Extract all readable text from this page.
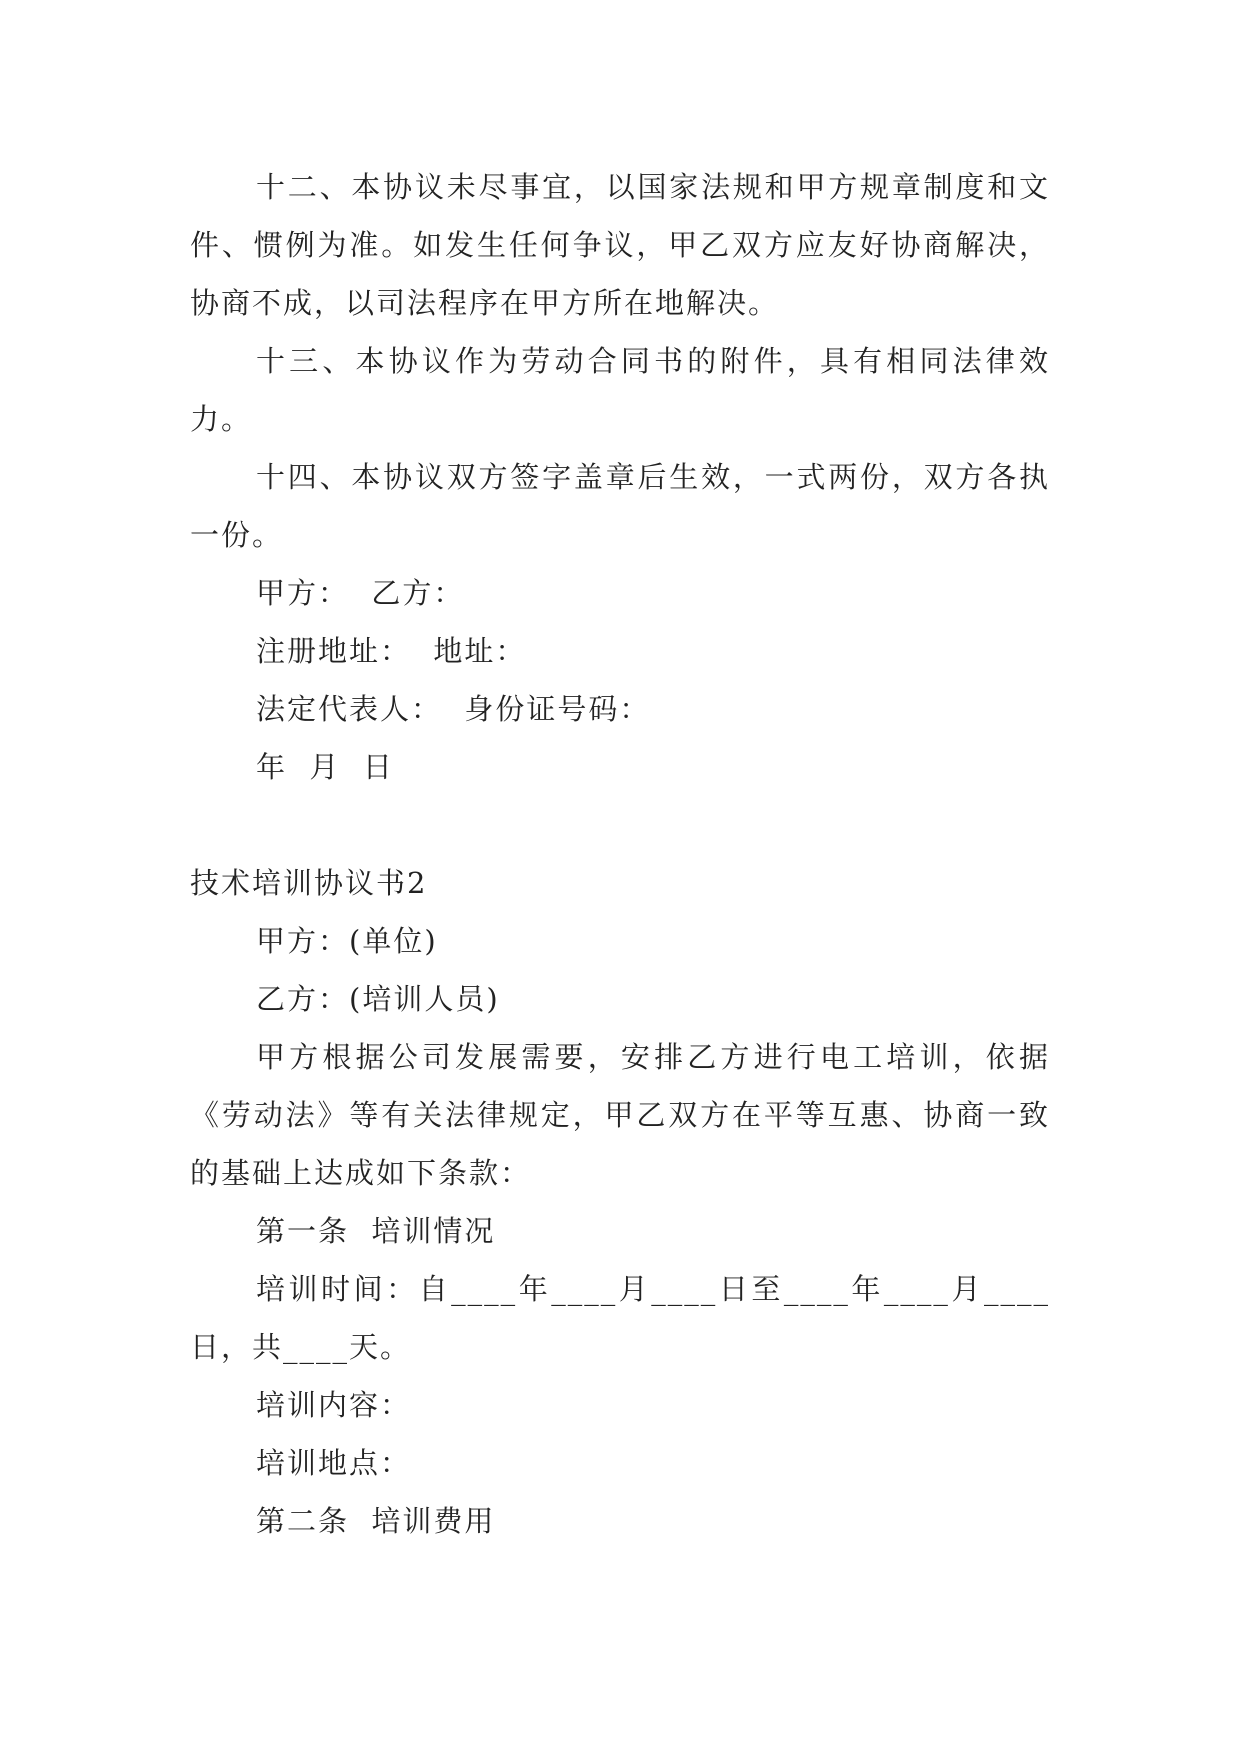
十二、本协议未尽事宜，以国家法规和甲方规章制度和文件、惯例为准。如发生任何争议，甲乙双方应友好协商解决，协商不成，以司法程序在甲方所在地解决。

十三、本协议作为劳动合同书的附件，具有相同法律效力。

十四、本协议双方签字盖章后生效，一式两份，双方各执一份。

甲方：  乙方：

注册地址：  地址：

法定代表人：  身份证号码：

年  月  日

技术培训协议书2

甲方：(单位)

乙方：(培训人员)

甲方根据公司发展需要，安排乙方进行电工培训，依据《劳动法》等有关法律规定，甲乙双方在平等互惠、协商一致的基础上达成如下条款：

第一条  培训情况

培训时间：自____年____月____日至____年____月____日，共____天。

培训内容：

培训地点：

第二条  培训费用
